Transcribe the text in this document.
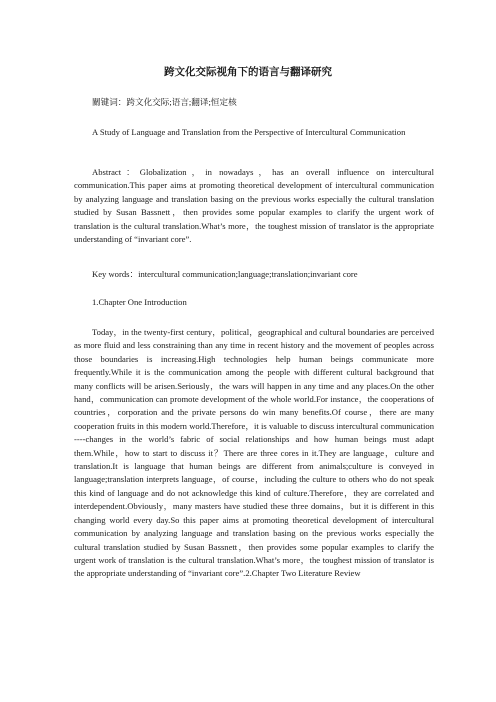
跨文化交际视角下的语言与翻译研究

關键词：跨文化交际;语言;翻译;恒定核

A Study of Language and Translation from the Perspective of Intercultural Communication

Abstract：Globalization，in nowadays，has an overall influence on intercultural communication.This paper aims at promoting theoretical development of intercultural communication by analyzing language and translation basing on the previous works especially the cultural translation studied by Susan Bassnett，then provides some popular examples to clarify the urgent work of translation is the cultural translation.What’s more，the toughest mission of translator is the appropriate understanding of “invariant core”.

Key words：intercultural communication;language;translation;invariant core

1.Chapter One Introduction

Today，in the twenty-first century，political，geographical and cultural boundaries are perceived as more fluid and less constraining than any time in recent history and the movement of peoples across those boundaries is increasing.High technologies help human beings communicate more frequently.While it is the communication among the people with different cultural background that many conflicts will be arisen.Seriously，the wars will happen in any time and any places.On the other hand，communication can promote development of the whole world.For instance，the cooperations of countries，corporation and the private persons do win many benefits.Of course，there are many cooperation fruits in this modern world.Therefore，it is valuable to discuss intercultural communication ----changes in the world’s fabric of social relationships and how human beings must adapt them.While，how to start to discuss it？There are three cores in it.They are language，culture and translation.It is language that human beings are different from animals;culture is conveyed in language;translation interprets language，of course，including the culture to others who do not speak this kind of language and do not acknowledge this kind of culture.Therefore，they are correlated and interdependent.Obviously，many masters have studied these three domains，but it is different in this changing world every day.So this paper aims at promoting theoretical development of intercultural communication by analyzing language and translation basing on the previous works especially the cultural translation studied by Susan Bassnett，then provides some popular examples to clarify the urgent work of translation is the cultural translation.What’s more，the toughest mission of translator is the appropriate understanding of “invariant core”.2.Chapter Two Literature Review
